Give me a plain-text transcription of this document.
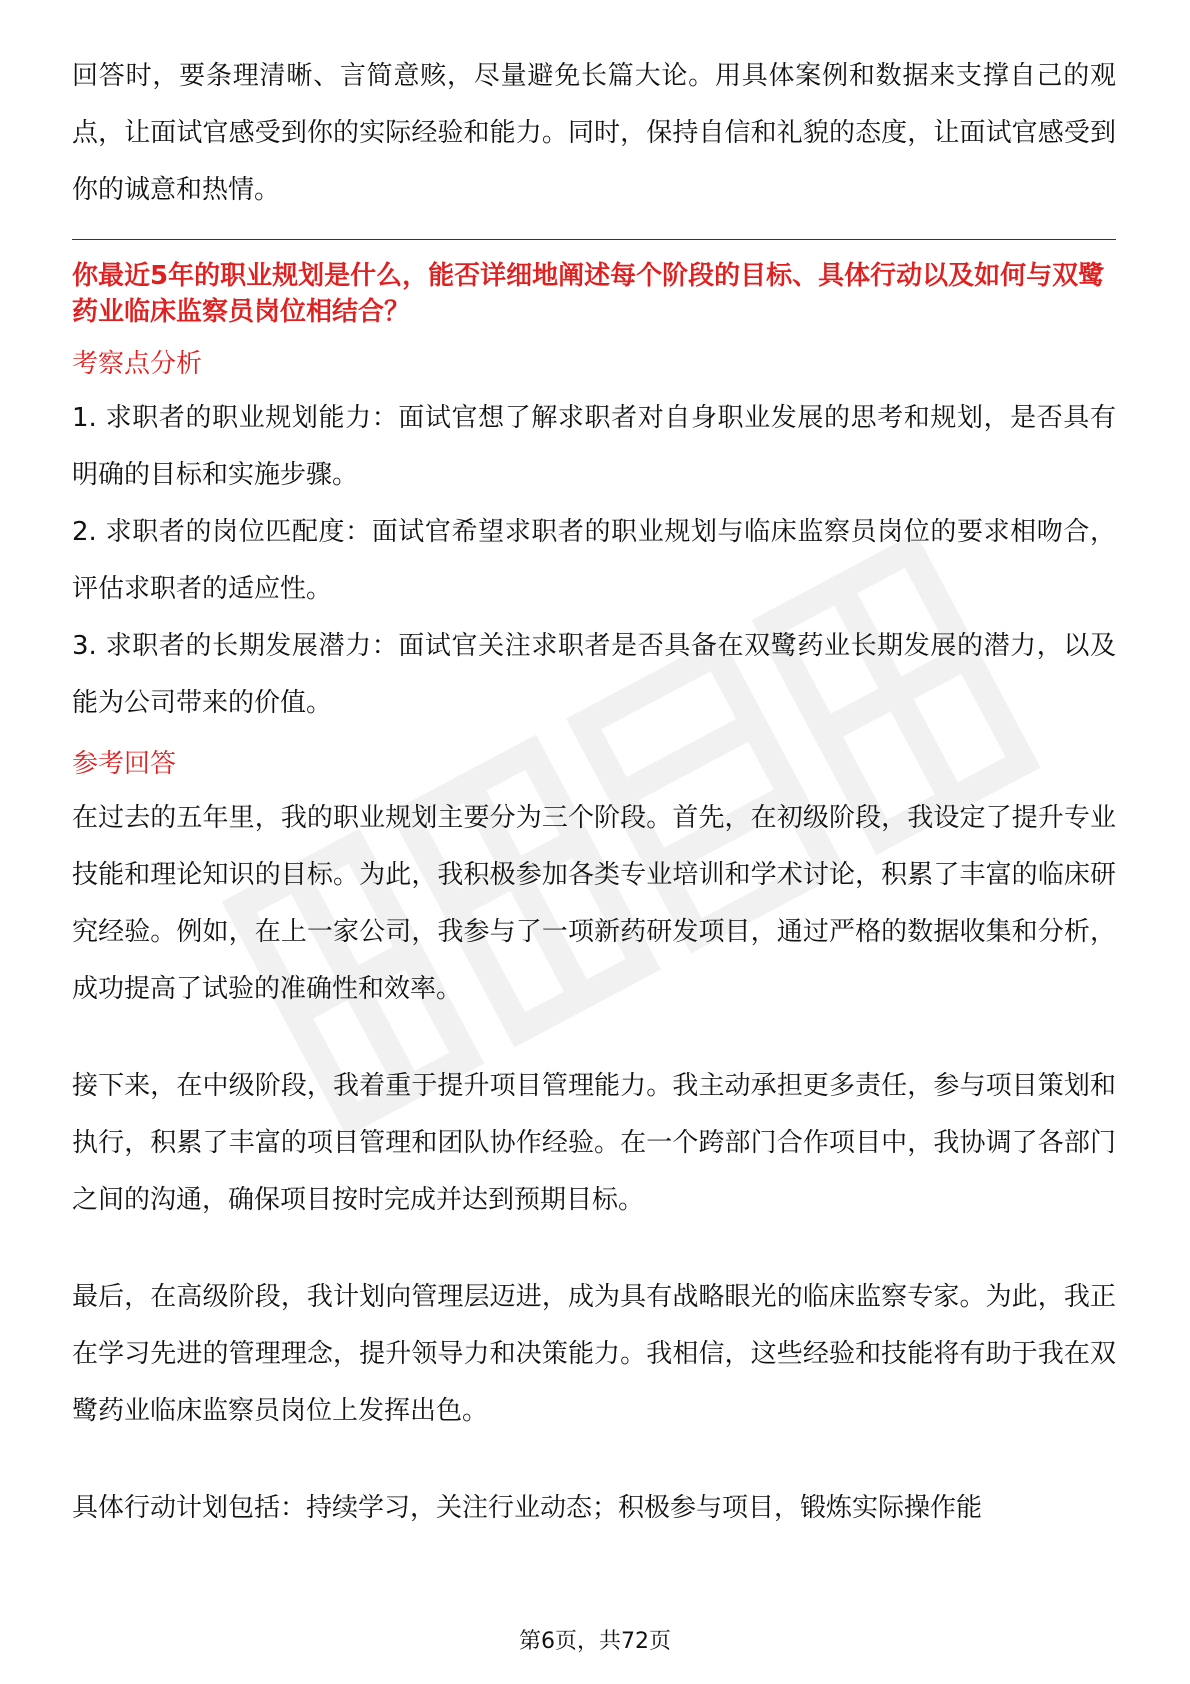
回答时，要条理清晰、言简意赅，尽量避免长篇大论。用具体案例和数据来支撑自己的观点，让面试官感受到你的实际经验和能力。同时，保持自信和礼貌的态度，让面试官感受到你的诚意和热情。

你最近5年的职业规划是什么，能否详细地阐述每个阶段的目标、具体行动以及如何与双鹭药业临床监察员岗位相结合？

考察点分析

1. 求职者的职业规划能力：面试官想了解求职者对自身职业发展的思考和规划，是否具有明确的目标和实施步骤。

2. 求职者的岗位匹配度：面试官希望求职者的职业规划与临床监察员岗位的要求相吻合，评估求职者的适应性。

3. 求职者的长期发展潜力：面试官关注求职者是否具备在双鹭药业长期发展的潜力，以及能为公司带来的价值。

参考回答

在过去的五年里，我的职业规划主要分为三个阶段。首先，在初级阶段，我设定了提升专业技能和理论知识的目标。为此，我积极参加各类专业培训和学术讨论，积累了丰富的临床研究经验。例如，在上一家公司，我参与了一项新药研发项目，通过严格的数据收集和分析，成功提高了试验的准确性和效率。

接下来，在中级阶段，我着重于提升项目管理能力。我主动承担更多责任，参与项目策划和执行，积累了丰富的项目管理和团队协作经验。在一个跨部门合作项目中，我协调了各部门之间的沟通，确保项目按时完成并达到预期目标。

最后，在高级阶段，我计划向管理层迈进，成为具有战略眼光的临床监察专家。为此，我正在学习先进的管理理念，提升领导力和决策能力。我相信，这些经验和技能将有助于我在双鹭药业临床监察员岗位上发挥出色。

具体行动计划包括：持续学习，关注行业动态；积极参与项目，锻炼实际操作能

第6页，共72页
